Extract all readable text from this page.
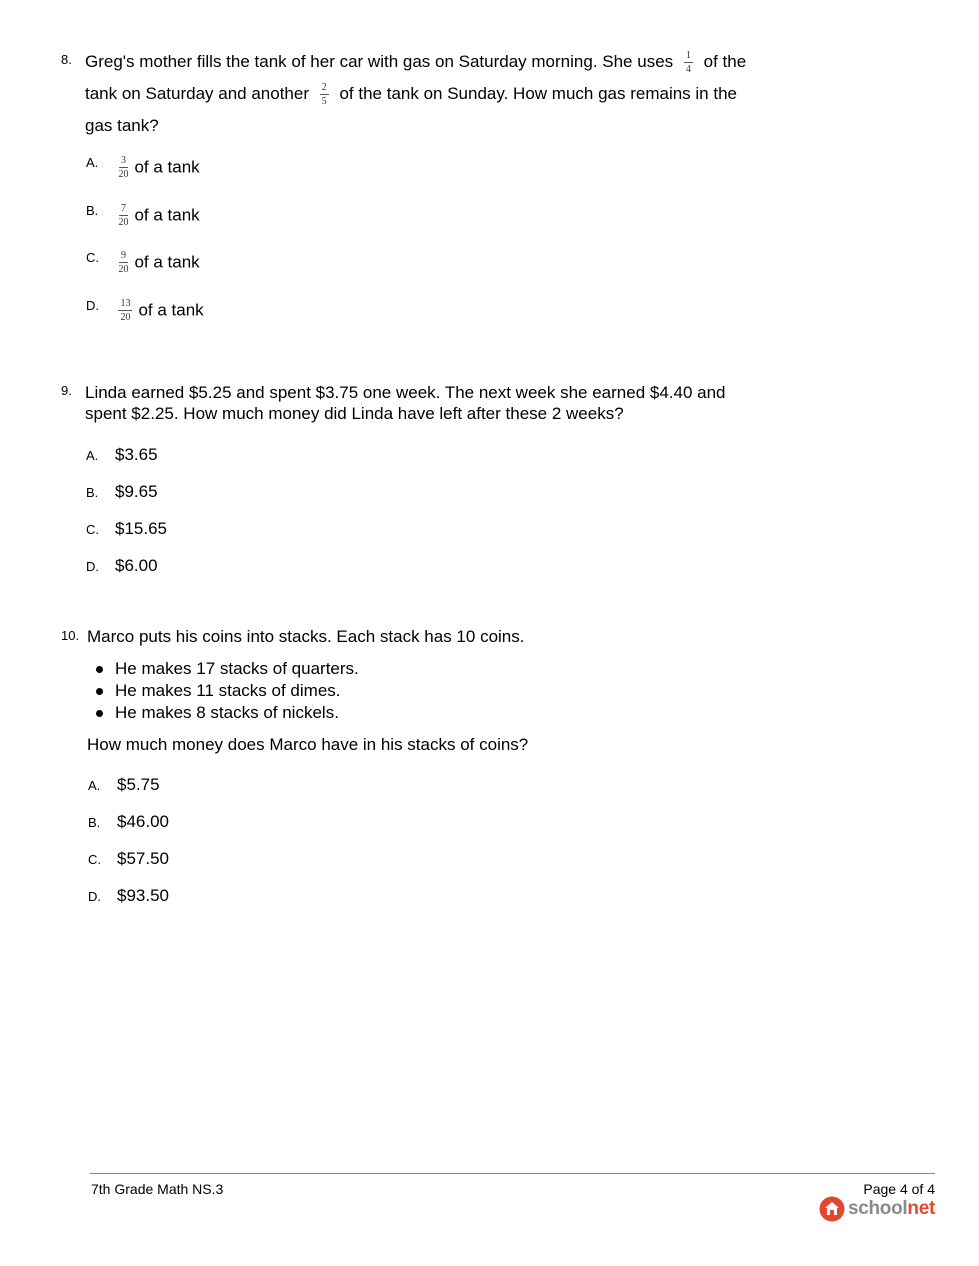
8. Greg's mother fills the tank of her car with gas on Saturday morning. She uses $\frac{1}{4}$ of the
tank on Saturday and another $\frac{2}{5}$ of the tank on Sunday. How much gas remains in the
gas tank?
A. $\frac{3}{20}$ of a tank
B. $\frac{7}{20}$ of a tank
C. $\frac{9}{20}$ of a tank
D. $\frac{13}{20}$ of a tank
9. Linda earned $5.25 and spent $3.75 one week. The next week she earned $4.40 and
spent $2.25. How much money did Linda have left after these 2 weeks?
A. $3.65
B. $9.65
C. $15.65
D. $6.00
10. Marco puts his coins into stacks. Each stack has 10 coins.
He makes 17 stacks of quarters.
He makes 11 stacks of dimes.
He makes 8 stacks of nickels.
How much money does Marco have in his stacks of coins?
A. $5.75
B. $46.00
C. $57.50
D. $93.50
7th Grade Math NS.3	Page 4 of 4
schoolnet
